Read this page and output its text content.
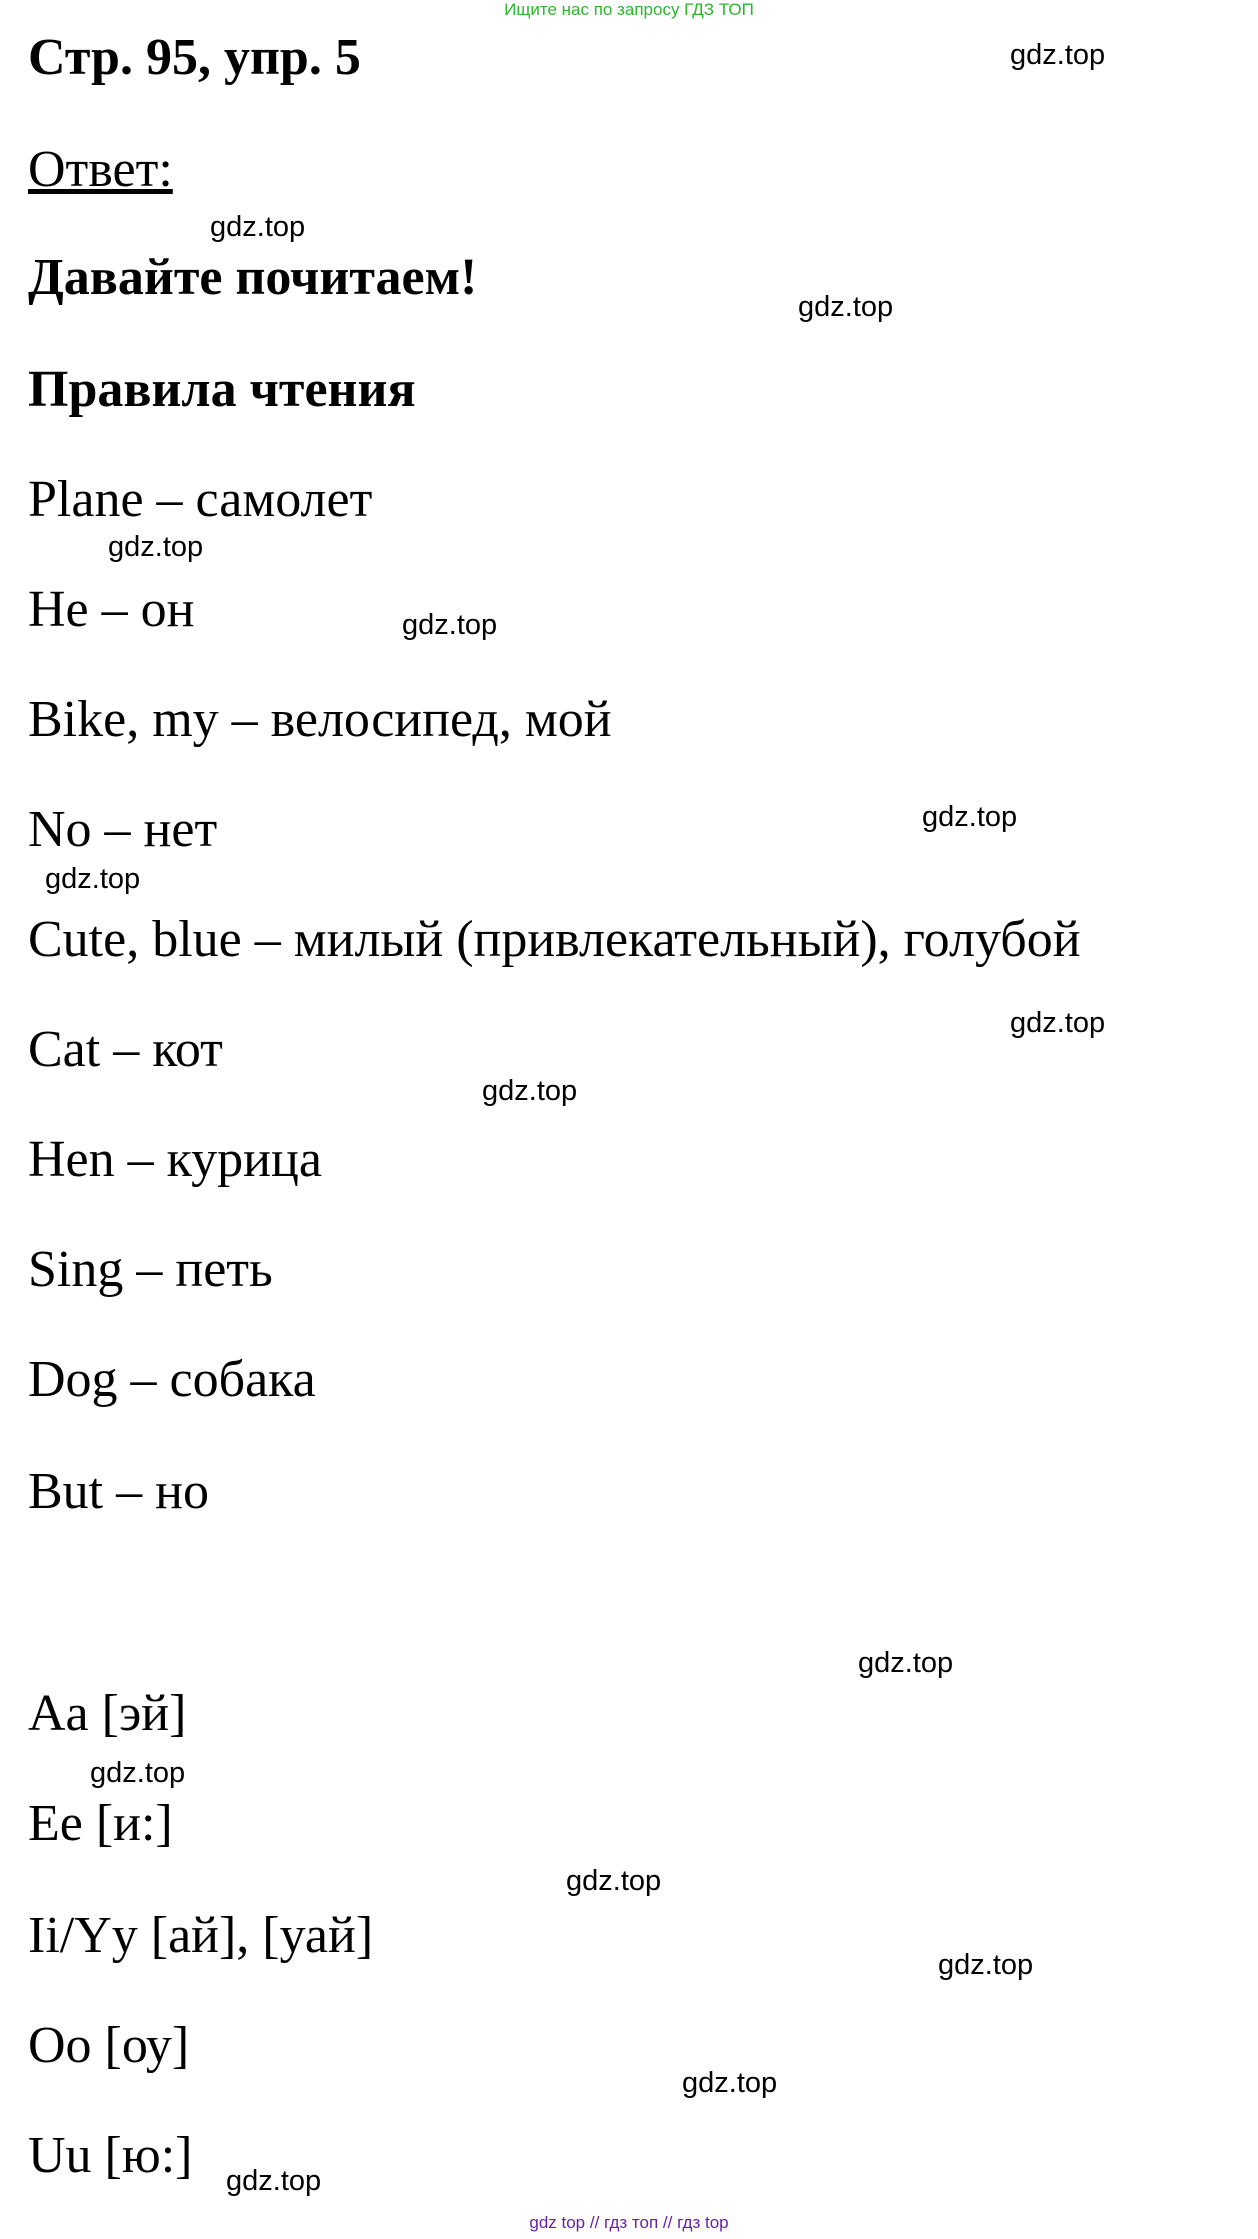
Ищите нас по запросу ГДЗ ТОП
Стр. 95, упр. 5
Ответ:
Давайте почитаем!
Правила чтения
Plane – самолет
He – он
Bike, my – велосипед, мой
No – нет
Cute, blue – милый (привлекательный), голубой
Cat – кот
Hen – курица
Sing – петь
Dog – собака
But – но
Aa [эй]
Ee [и:]
Ii/Yy [ай], [уай]
Oo [оу]
Uu [ю:]
gdz.top
gdz.top
gdz.top
gdz.top
gdz.top
gdz.top
gdz.top
gdz.top
gdz.top
gdz.top
gdz.top
gdz.top
gdz.top
gdz.top
gdz.top
gdz top // гдз топ // гдз top
